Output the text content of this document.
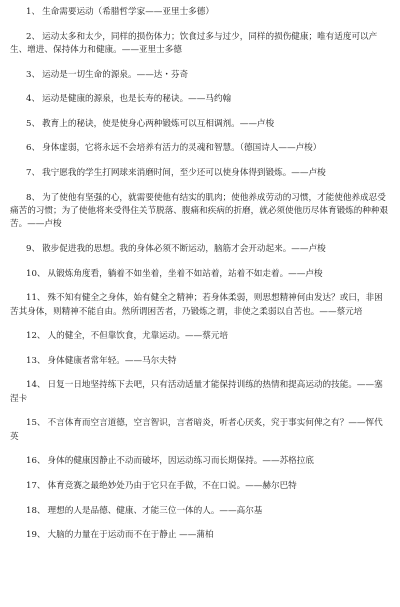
1、 生命需要运动（希腊哲学家——亚里士多德）

2、 运动太多和太少，同样的损伤体力；饮食过多与过少，同样的损伤健康；唯有适度可以产生、增进、保持体力和健康。——亚里士多德

3、 运动是一切生命的源泉。——达・芬奇

4、 运动是健康的源泉，也是长寿的秘诀。——马约翰

5、 教育上的秘诀，使是使身心两种锻炼可以互相调剂。——卢梭

6、 身体虚弱，它将永远不会培养有活力的灵魂和智慧。（德国诗人——卢梭）

7、 我宁愿我的学生打网球来消磨时间，至少还可以使身体得到锻炼。——卢梭

8、 为了使他有坚强的心，就需要使他有结实的肌肉；使他养成劳动的习惯，才能使他养成忍受痛苦的习惯；为了使他将来受得住关节脱落、腹痛和疾病的折磨，就必须使他历尽体育锻炼的种种艰苦。——卢梭

9、 散步促进我的思想。我的身体必须不断运动，脑筋才会开动起来。——卢梭

10、 从锻炼角度看，躺着不如坐着，坐着不如站着，站着不如走着。——卢梭

11、 殊不知有健全之身体，始有健全之精神；若身体柔弱，则思想精神何由发达？或曰，非困苦其身体，则精神不能自由。然所谓困苦者，乃锻炼之谓，非使之柔弱以自苦也。——蔡元培

12、 人的健全，不但靠饮食，尤靠运动。——蔡元培

13、 身体健康者常年轻。——马尔夫特

14、 日复一日地坚持练下去吧，只有活动适量才能保持训练的热情和提高运动的技能。——塞涅卡

15、 不言体育而空言道德，空言智识，言者暗炎，听者心厌炙，究于事实何俾之有？——恽代英

16、 身体的健康因静止不动而破坏，因运动练习而长期保持。——苏格拉底

17、 体育竞赛之最绝妙处乃由于它只在手做，不在口说。——赫尔巴特

18、 理想的人是品德、健康、才能三位一体的人。——高尔基

19、 大脑的力量在于运动而不在于静止 ——蒲柏
